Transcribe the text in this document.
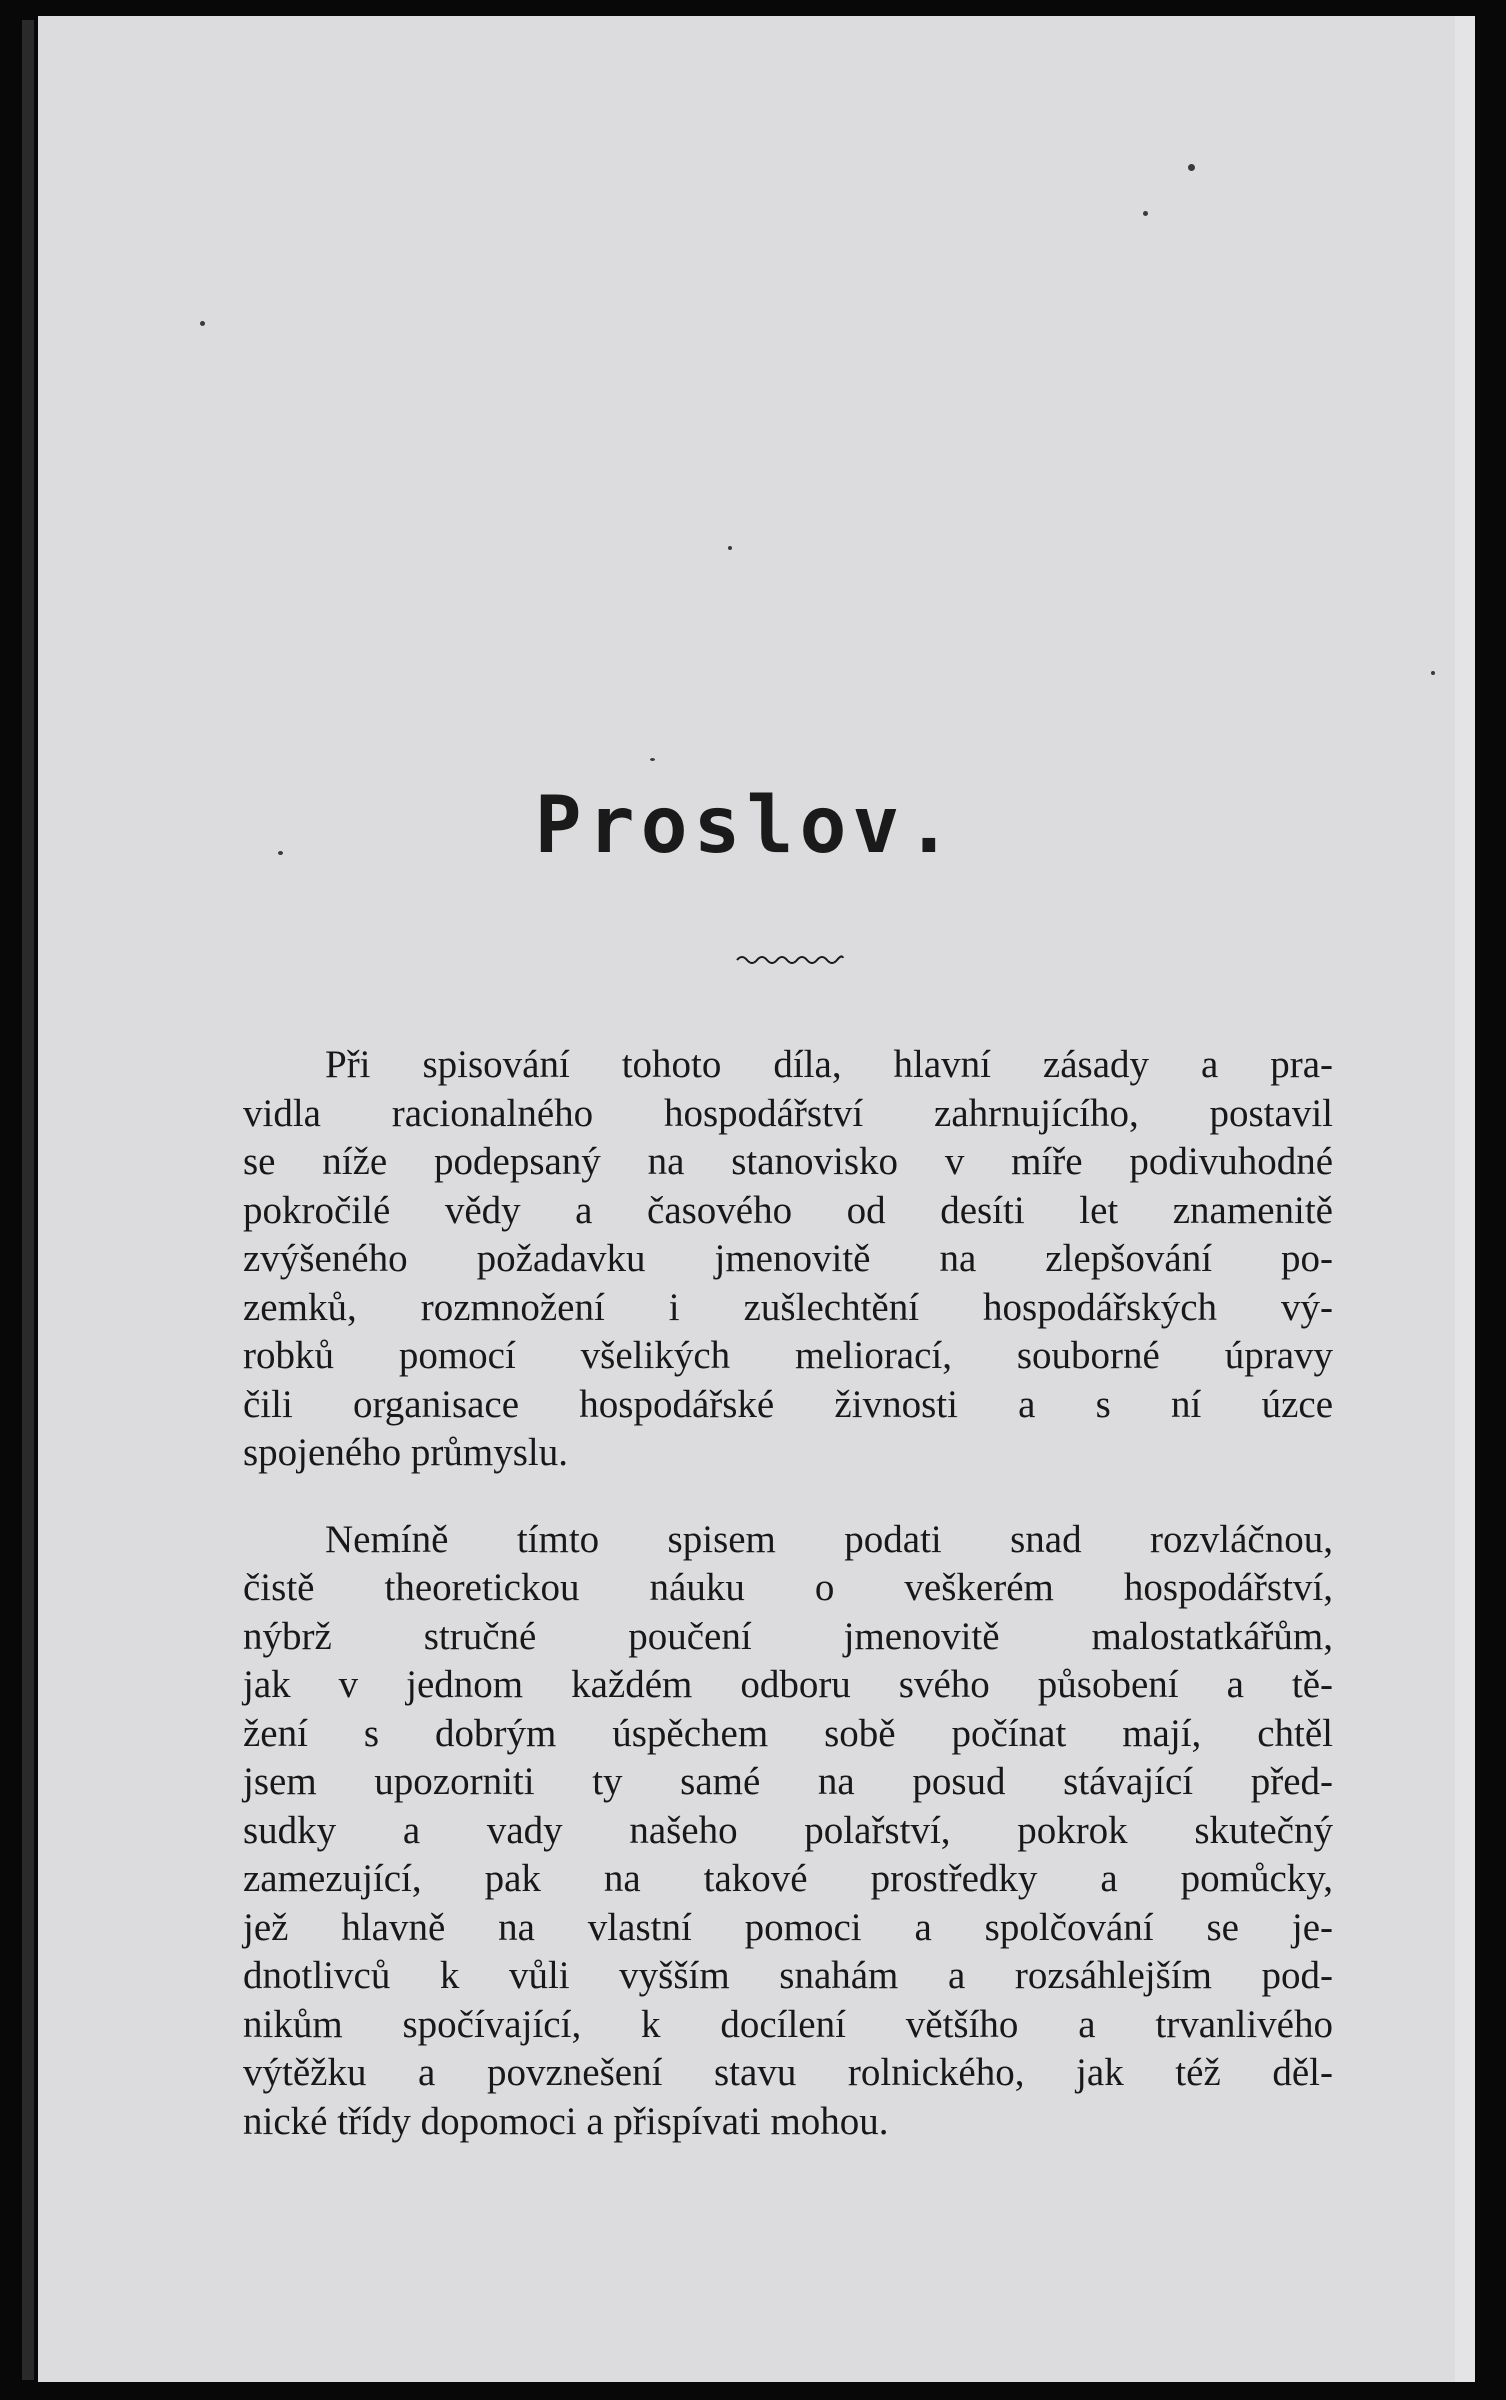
Proslov.

Při spisování tohoto díla, hlavní zásady a pra-
vidla racionalného hospodářství zahrnujícího, postavil
se níže podepsaný na stanovisko v míře podivuhodné
pokročilé vědy a časového od desíti let znamenitě
zvýšeného požadavku jmenovitě na zlepšování po-
zemků, rozmnožení i zušlechtění hospodářských vý-
robků pomocí všelikých meliorací, souborné úpravy
čili organisace hospodářské živnosti a s ní úzce
spojeného průmyslu.

Nemíně tímto spisem podati snad rozvláčnou,
čistě theoretickou náuku o veškerém hospodářství,
nýbrž stručné poučení jmenovitě malostatkářům,
jak v jednom každém odboru svého působení a tě-
žení s dobrým úspěchem sobě počínat mají, chtěl
jsem upozorniti ty samé na posud stávající před-
sudky a vady našeho polařství, pokrok skutečný
zamezující, pak na takové prostředky a pomůcky,
jež hlavně na vlastní pomoci a spolčování se je-
dnotlivců k vůli vyšším snahám a rozsáhlejším pod-
nikům spočívající, k docílení většího a trvanlivého
výtěžku a povznešení stavu rolnického, jak též děl-
nické třídy dopomoci a přispívati mohou.
